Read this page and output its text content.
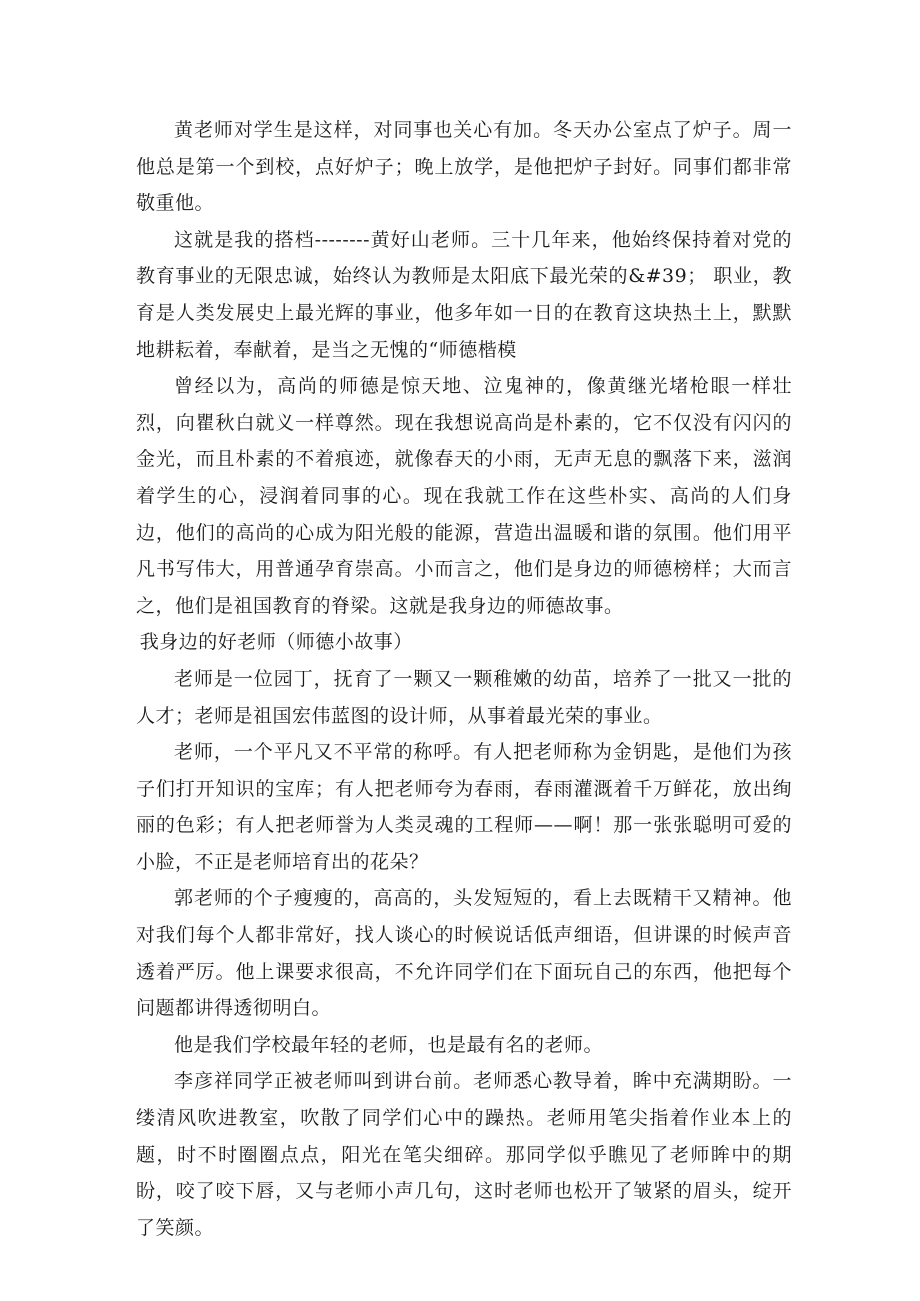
黄老师对学生是这样，对同事也关心有加。冬天办公室点了炉子。周一他总是第一个到校，点好炉子；晚上放学，是他把炉子封好。同事们都非常敬重他。

这就是我的搭档--------黄好山老师。三十几年来，他始终保持着对党的教育事业的无限忠诚，始终认为教师是太阳底下最光荣的&#39； 职业，教育是人类发展史上最光辉的事业，他多年如一日的在教育这块热土上，默默地耕耘着，奉献着，是当之无愧的“师德楷模

曾经以为，高尚的师德是惊天地、泣鬼神的，像黄继光堵枪眼一样壮烈，向瞿秋白就义一样尊然。现在我想说高尚是朴素的，它不仅没有闪闪的金光，而且朴素的不着痕迹，就像春天的小雨，无声无息的飘落下来，滋润着学生的心，浸润着同事的心。现在我就工作在这些朴实、高尚的人们身边，他们的高尚的心成为阳光般的能源，营造出温暖和谐的氛围。他们用平凡书写伟大，用普通孕育崇高。小而言之，他们是身边的师德榜样；大而言之，他们是祖国教育的脊梁。这就是我身边的师德故事。

我身边的好老师（师德小故事）

老师是一位园丁，抚育了一颗又一颗稚嫩的幼苗，培养了一批又一批的人才；老师是祖国宏伟蓝图的设计师，从事着最光荣的事业。

老师，一个平凡又不平常的称呼。有人把老师称为金钥匙，是他们为孩子们打开知识的宝库；有人把老师夸为春雨，春雨灌溉着千万鲜花，放出绚丽的色彩；有人把老师誉为人类灵魂的工程师——啊！那一张张聪明可爱的小脸，不正是老师培育出的花朵？

郭老师的个子瘦瘦的，高高的，头发短短的，看上去既精干又精神。他对我们每个人都非常好，找人谈心的时候说话低声细语，但讲课的时候声音透着严厉。他上课要求很高，不允许同学们在下面玩自己的东西，他把每个问题都讲得透彻明白。

他是我们学校最年轻的老师，也是最有名的老师。

李彦祥同学正被老师叫到讲台前。老师悉心教导着，眸中充满期盼。一缕清风吹进教室，吹散了同学们心中的躁热。老师用笔尖指着作业本上的题，时不时圈圈点点，阳光在笔尖细碎。那同学似乎瞧见了老师眸中的期盼，咬了咬下唇，又与老师小声几句，这时老师也松开了皱紧的眉头，绽开了笑颜。
